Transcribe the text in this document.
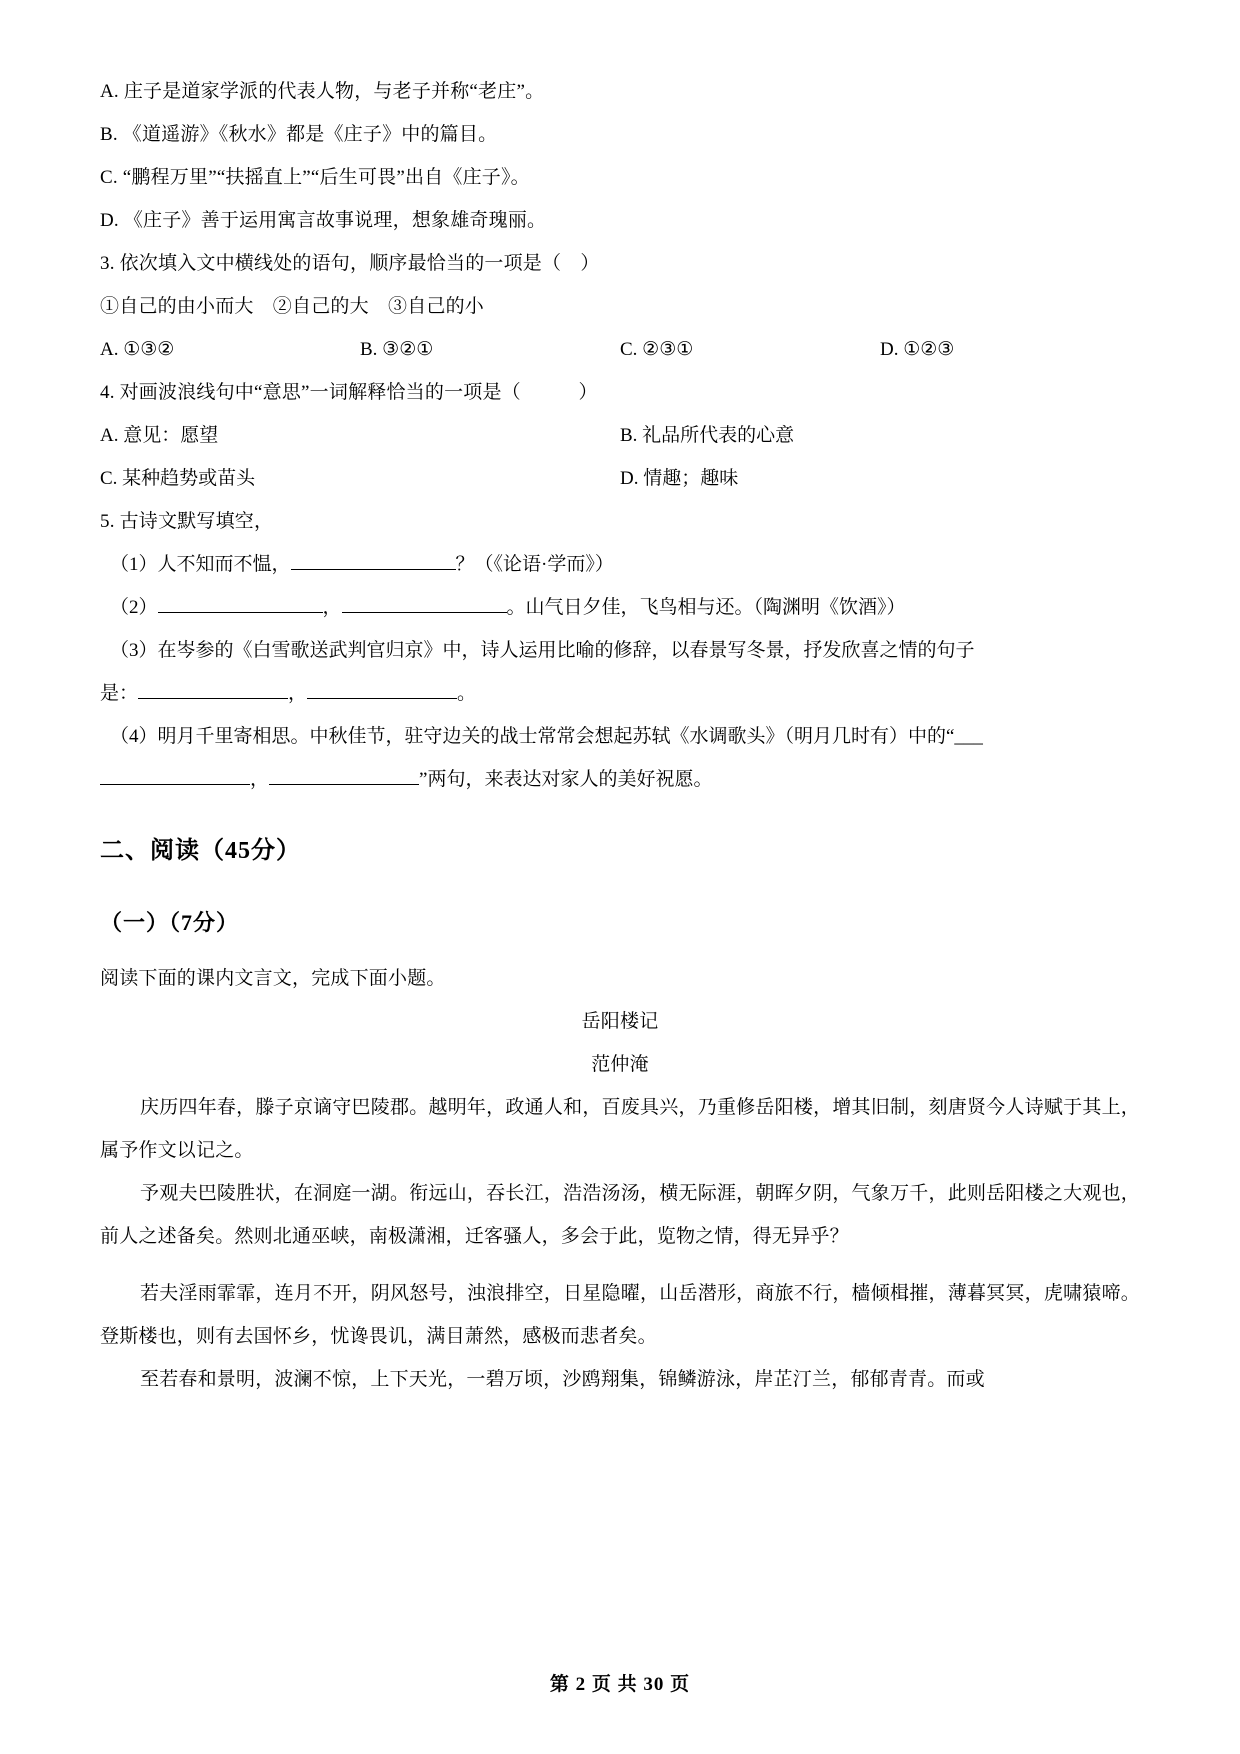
A. 庄子是道家学派的代表人物，与老子并称“老庄”。
B. 《道遥游》《秋水》都是《庄子》中的篇目。
C. “鹏程万里”“扶摇直上”“后生可畏”出自《庄子》。
D. 《庄子》善于运用寓言故事说理，想象雄奇瑰丽。
3. 依次填入文中横线处的语句，顺序最恰当的一项是（　）
①自己的由小而大　②自己的大　③自己的小
A. ①③②	B. ③②①	C. ②③①	D. ①②③
4. 对画波浪线句中“意思”一词解释恰当的一项是（　　　）
A. 意见：愿望	B. 礼品所代表的心意
C. 某种趋势或苗头	D. 情趣；趣味
5. 古诗文默写填空，
（1）人不知而不愠，	？（《论语·学而》）
（2）	，	。山气日夕佳，飞鸟相与还。（陶渊明《饮酒》）
（3）在岑参的《白雪歌送武判官归京》中，诗人运用比喻的修辞，以春景写冬景，抒发欣喜之情的句子
是：	，	。
（4）明月千里寄相思。中秋佳节，驻守边关的战士常常会想起苏轼《水调歌头》（明月几时有）中的“___
，	”两句，来表达对家人的美好祝愿。
二、阅读（45分）
（一）（7分）
阅读下面的课内文言文，完成下面小题。
岳阳楼记
范仲淹
庆历四年春，滕子京谪守巴陵郡。越明年，政通人和，百废具兴，乃重修岳阳楼，增其旧制，刻唐贤今人诗赋于其上，属予作文以记之。
予观夫巴陵胜状，在洞庭一湖。衔远山，吞长江，浩浩汤汤，横无际涯，朝晖夕阴，气象万千，此则岳阳楼之大观也，前人之述备矣。然则北通巫峡，南极潇湘，迁客骚人，多会于此，览物之情，得无异乎？
若夫淫雨霏霏，连月不开，阴风怒号，浊浪排空，日星隐曜，山岳潜形，商旅不行，樯倾楫摧，薄暮冥冥，虎啸猿啼。登斯楼也，则有去国怀乡，忧谗畏讥，满目萧然，感极而悲者矣。
至若春和景明，波澜不惊，上下天光，一碧万顷，沙鸥翔集，锦鳞游泳，岸芷汀兰，郁郁青青。而或
第 2 页 共 30 页
